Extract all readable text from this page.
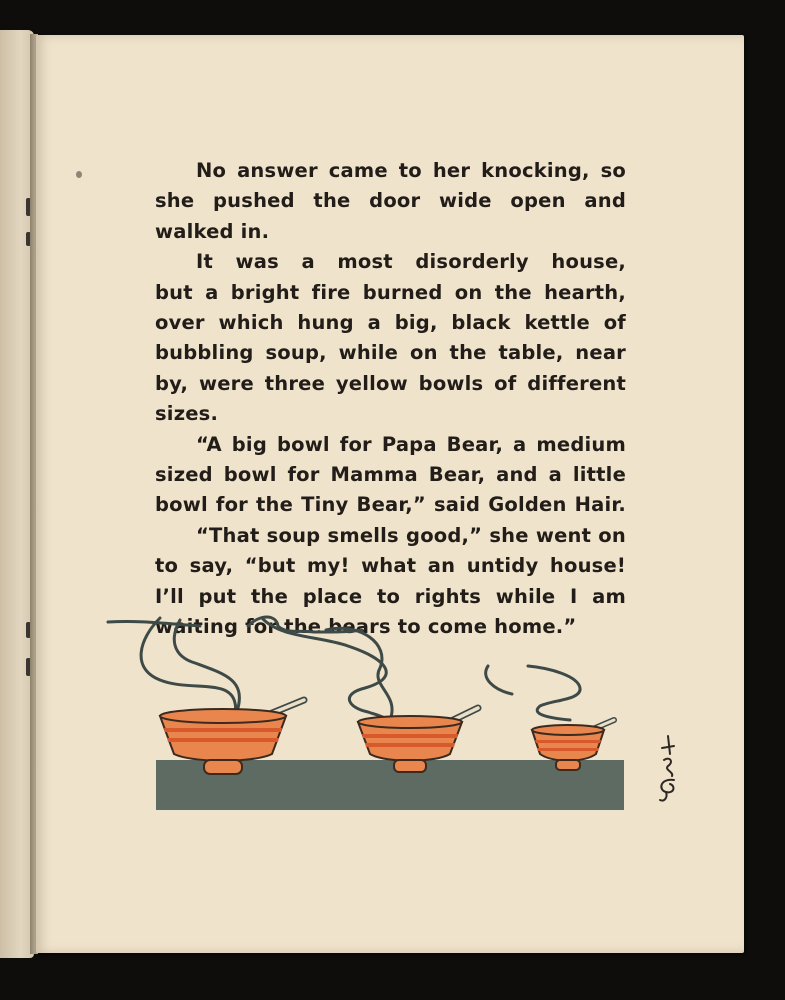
No answer came to her knocking, so

she pushed the door wide open and

walked in.

It was a most disorderly house,

but a bright fire burned on the hearth,

over which hung a big, black kettle of

bubbling soup, while on the table, near

by, were three yellow bowls of different

sizes.

“A big bowl for Papa Bear, a medium

sized bowl for Mamma Bear, and a little

bowl for the Tiny Bear,” said Golden Hair.

“That soup smells good,” she went on

to say, “but my! what an untidy house!

I’ll put the place to rights while I am

waiting for the bears to come home.”
